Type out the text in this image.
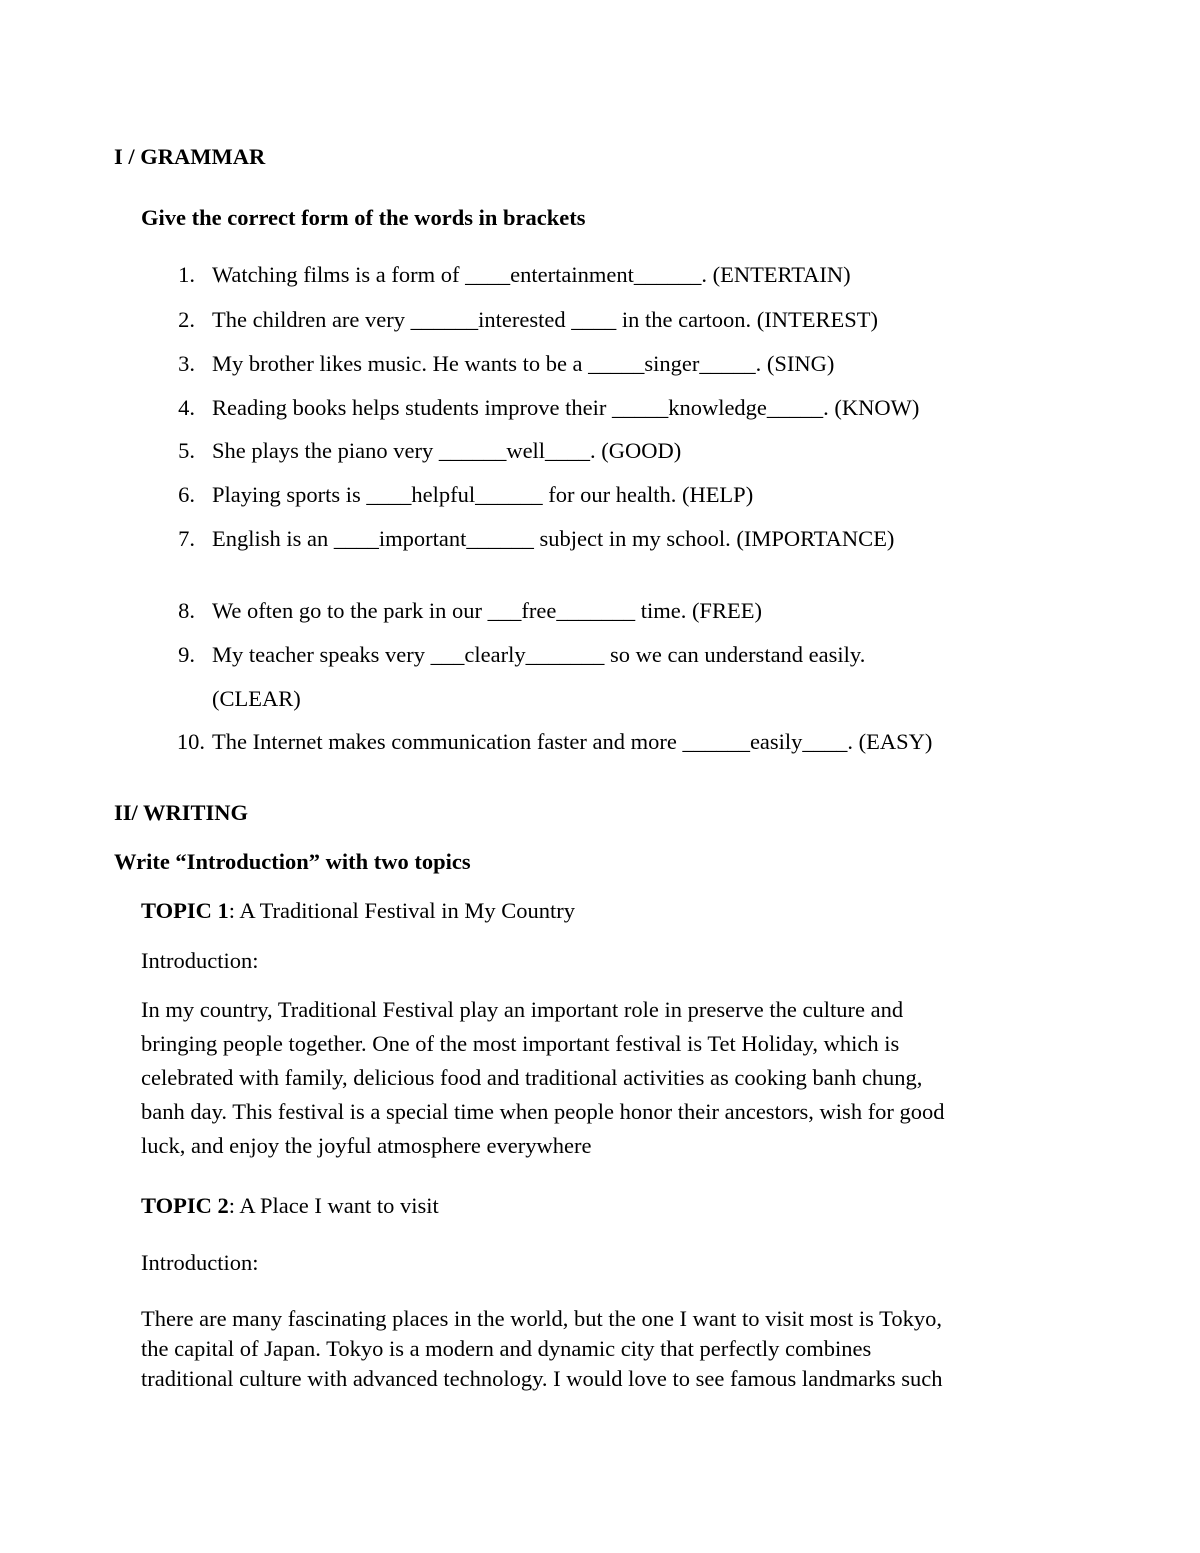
I / GRAMMAR
Give the correct form of the words in brackets
1. Watching films is a form of ____entertainment______. (ENTERTAIN)
2. The children are very ______interested ____ in the cartoon. (INTEREST)
3. My brother likes music. He wants to be a _____singer_____. (SING)
4. Reading books helps students improve their _____knowledge_____. (KNOW)
5. She plays the piano very ______well____. (GOOD)
6. Playing sports is ____helpful______ for our health. (HELP)
7. English is an ____important______ subject in my school. (IMPORTANCE)
8. We often go to the park in our ___free_______ time. (FREE)
9. My teacher speaks very ___clearly_______ so we can understand easily.
(CLEAR)
10. The Internet makes communication faster and more ______easily____. (EASY)
II/ WRITING
Write “Introduction” with two topics
TOPIC 1: A Traditional Festival in My Country
Introduction:
In my country, Traditional Festival play an important role in preserve the culture and
bringing people together. One of the most important festival is Tet Holiday, which is
celebrated with family, delicious food and traditional activities as cooking banh chung,
banh day. This festival is a special time when people honor their ancestors, wish for good
luck, and enjoy the joyful atmosphere everywhere
TOPIC 2: A Place I want to visit
Introduction:
There are many fascinating places in the world, but the one I want to visit most is Tokyo,
the capital of Japan. Tokyo is a modern and dynamic city that perfectly combines
traditional culture with advanced technology. I would love to see famous landmarks such
